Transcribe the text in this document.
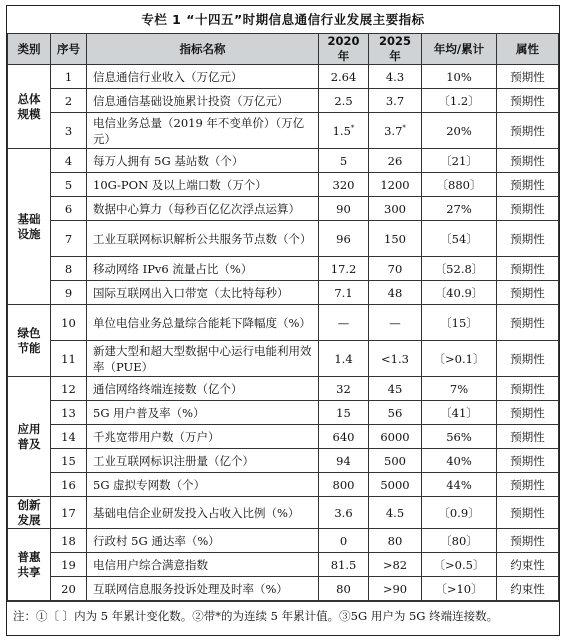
专栏 1 “十四五”时期信息通信行业发展主要指标
类别	序号	指标名称	2020 年	2025 年	年均/累计	属性

总体
规模	1	信息通信行业收入（万亿元）	2.64	4.3	10%	预期性
	2	信息通信基础设施累计投资（万亿元）	2.5	3.7	〔1.2〕	预期性
	3	电信业务总量（2019 年不变单价）（万亿元）	1.5*	3.7*	20%	预期性

基础
设施	4	每万人拥有 5G 基站数（个）	5	26	〔21〕	预期性
	5	10G-PON 及以上端口数（万个）	320	1200	〔880〕	预期性
	6	数据中心算力（每秒百亿亿次浮点运算）	90	300	27%	预期性
	7	工业互联网标识解析公共服务节点数（个）	96	150	〔54〕	预期性
	8	移动网络 IPv6 流量占比（%）	17.2	70	〔52.8〕	预期性
	9	国际互联网出入口带宽（太比特每秒）	7.1	48	〔40.9〕	预期性

绿色
节能	10	单位电信业务总量综合能耗下降幅度（%）	—	—	〔15〕	预期性
	11	新建大型和超大型数据中心运行电能利用效率（PUE）	1.4	<1.3	〔>0.1〕	预期性

应用
普及	12	通信网络终端连接数（亿个）	32	45	7%	预期性
	13	5G 用户普及率（%）	15	56	〔41〕	预期性
	14	千兆宽带用户数（万户）	640	6000	56%	预期性
	15	工业互联网标识注册量（亿个）	94	500	40%	预期性
	16	5G 虚拟专网数（个）	800	5000	44%	预期性

创新
发展	17	基础电信企业研发投入占收入比例（%）	3.6	4.5	〔0.9〕	预期性

普惠
共享	18	行政村 5G 通达率（%）	0	80	〔80〕	预期性
	19	电信用户综合满意指数	81.5	>82	〔>0.5〕	约束性
	20	互联网信息服务投诉处理及时率（%）	80	>90	〔>10〕	约束性
注：①〔 〕内为 5 年累计变化数。②带*的为连续 5 年累计值。③5G 用户为 5G 终端连接数。
